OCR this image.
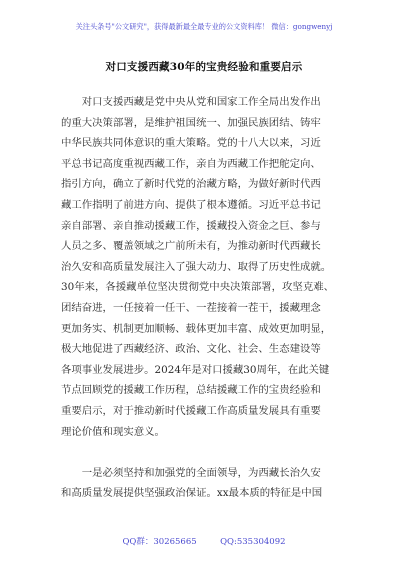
关注头条号"公文研究"，获得最新最全最专业的公文资料库！ 微信：gongwenyj
对口支援西藏30年的宝贵经验和重要启示
　　对口支援西藏是党中央从党和国家工作全局出发作出
的重大决策部署，是维护祖国统一、加强民族团结、铸牢
中华民族共同体意识的重大策略。党的十八大以来，习近
平总书记高度重视西藏工作，亲自为西藏工作把舵定向、
指引方向，确立了新时代党的治藏方略，为做好新时代西
藏工作指明了前进方向、提供了根本遵循。习近平总书记
亲自部署、亲自推动援藏工作，援藏投入资金之巨、参与
人员之多、覆盖领域之广前所未有，为推动新时代西藏长
治久安和高质量发展注入了强大动力、取得了历史性成就。
30年来，各援藏单位坚决贯彻党中央决策部署，攻坚克难、
团结奋进，一任接着一任干、一茬接着一茬干，援藏理念
更加务实、机制更加顺畅、载体更加丰富、成效更加明显，
极大地促进了西藏经济、政治、文化、社会、生态建设等
各项事业发展进步。2024年是对口援藏30周年，在此关键
节点回顾党的援藏工作历程，总结援藏工作的宝贵经验和
重要启示，对于推动新时代援藏工作高质量发展具有重要
理论价值和现实意义。
　　一是必须坚持和加强党的全面领导，为西藏长治久安
和高质量发展提供坚强政治保证。xx最本质的特征是中国
QQ群：30265665	QQ:535304092
